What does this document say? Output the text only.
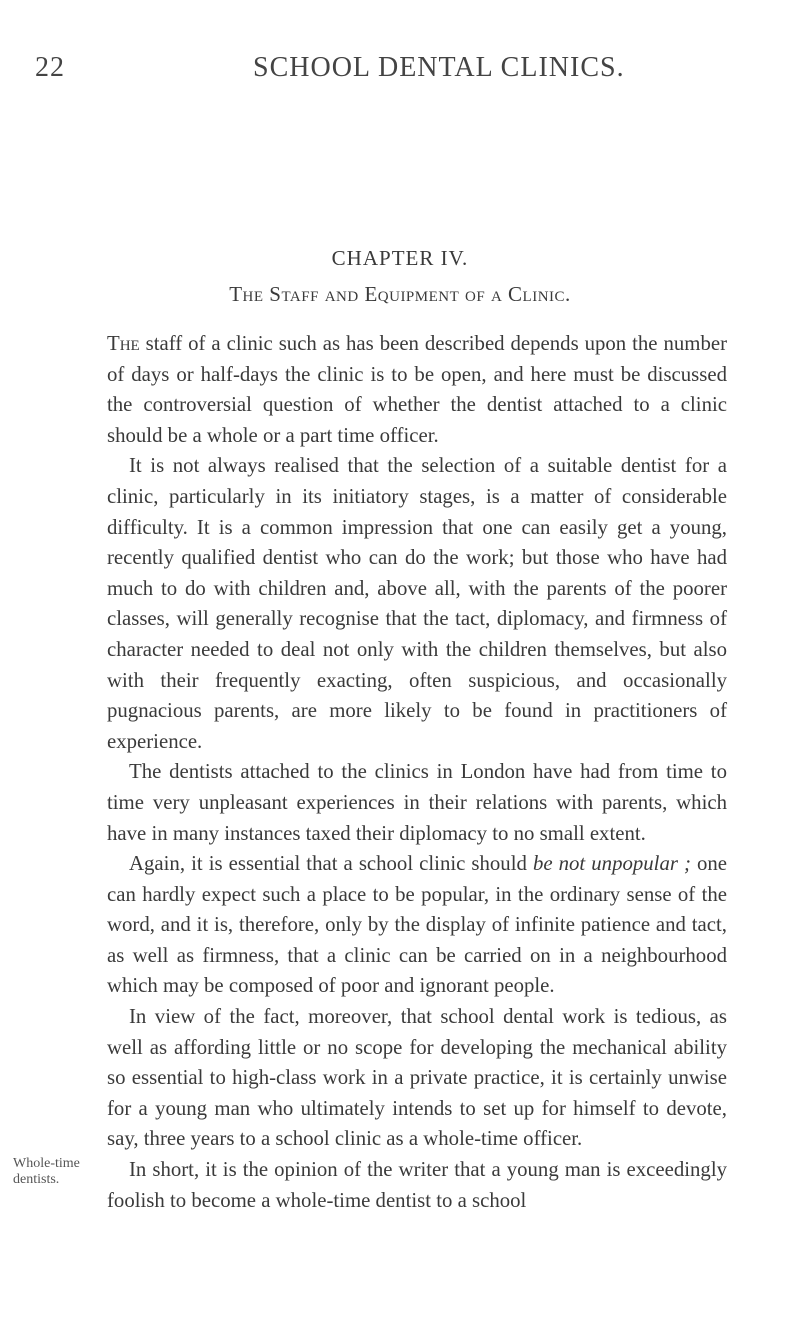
22	SCHOOL DENTAL CLINICS.
CHAPTER IV.
The Staff and Equipment of a Clinic.
Whole-time
dentists.

The staff of a clinic such as has been described depends upon the number of days or half-days the clinic is to be open, and here must be discussed the controversial question of whether the dentist attached to a clinic should be a whole or a part time officer.

It is not always realised that the selection of a suitable dentist for a clinic, particularly in its initiatory stages, is a matter of considerable difficulty. It is a common impression that one can easily get a young, recently qualified dentist who can do the work; but those who have had much to do with children and, above all, with the parents of the poorer classes, will generally recognise that the tact, diplomacy, and firmness of character needed to deal not only with the children themselves, but also with their frequently exacting, often suspicious, and occasionally pugnacious parents, are more likely to be found in practitioners of experience.

The dentists attached to the clinics in London have had from time to time very unpleasant experiences in their relations with parents, which have in many instances taxed their diplomacy to no small extent.

Again, it is essential that a school clinic should be not unpopular ; one can hardly expect such a place to be popular, in the ordinary sense of the word, and it is, therefore, only by the display of infinite patience and tact, as well as firmness, that a clinic can be carried on in a neighbourhood which may be composed of poor and ignorant people.

In view of the fact, moreover, that school dental work is tedious, as well as affording little or no scope for developing the mechanical ability so essential to high-class work in a private practice, it is certainly unwise for a young man who ultimately intends to set up for himself to devote, say, three years to a school clinic as a whole-time officer.

In short, it is the opinion of the writer that a young man is exceedingly foolish to become a whole-time dentist to a school
